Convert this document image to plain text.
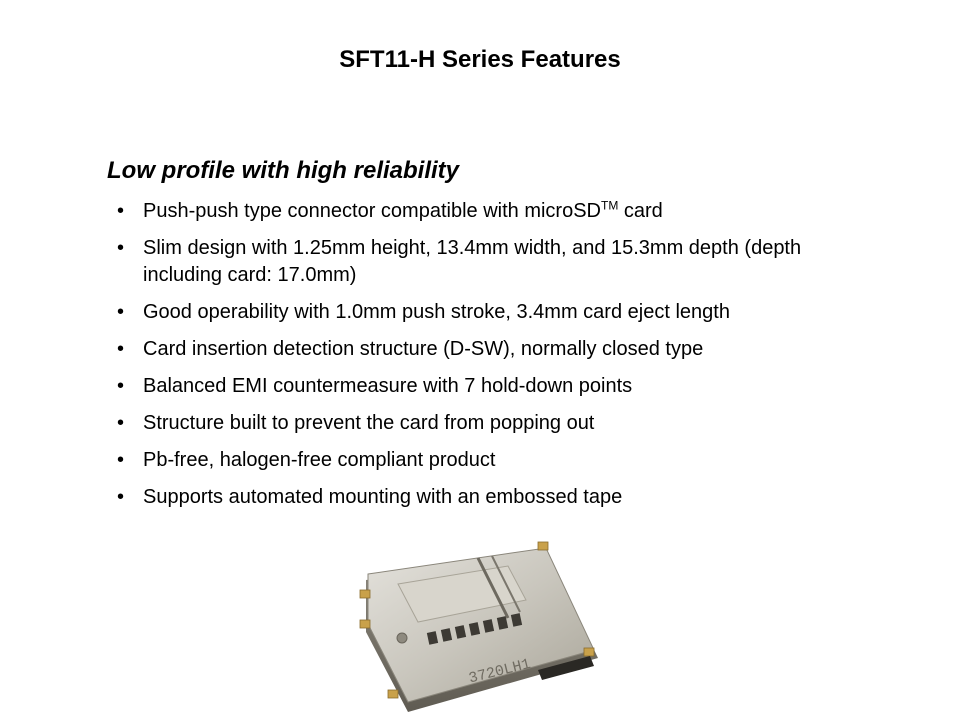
SFT11-H Series Features
Low profile with high reliability
• Push-push type connector compatible with microSD™ card
• Slim design with 1.25mm height, 13.4mm width, and 15.3mm depth (depth including card: 17.0mm)
• Good operability with 1.0mm push stroke, 3.4mm card eject length
• Card insertion detection structure (D-SW), normally closed type
• Balanced EMI countermeasure with 7 hold-down points
• Structure built to prevent the card from popping out
• Pb-free, halogen-free compliant product
• Supports automated mounting with an embossed tape
3720LH1
